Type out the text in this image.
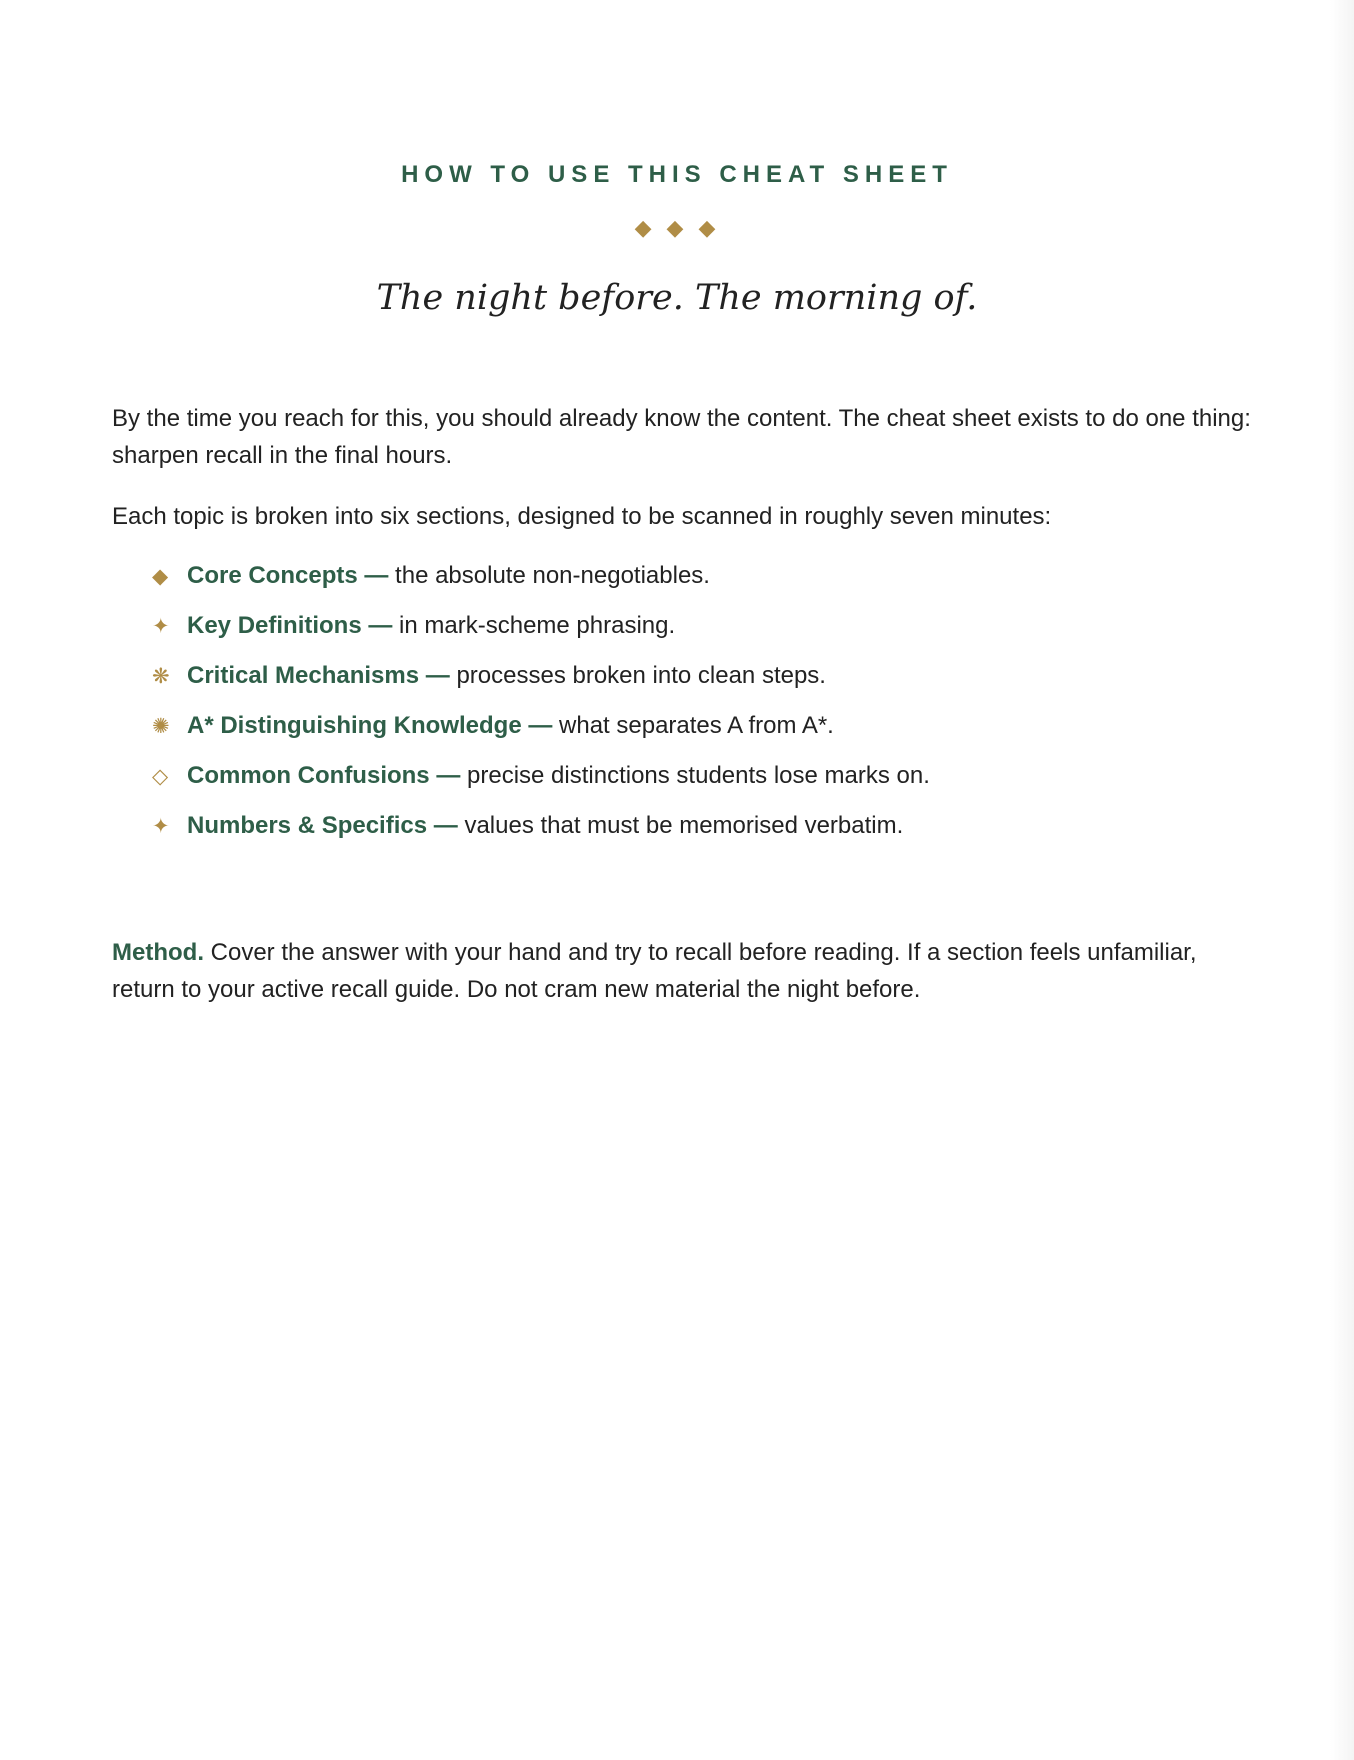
HOW TO USE THIS CHEAT SHEET
◆ ◆ ◆
The night before. The morning of.

By the time you reach for this, you should already know the content. The cheat sheet exists to do one thing: sharpen recall in the final hours.

Each topic is broken into six sections, designed to be scanned in roughly seven minutes:

◆ Core Concepts — the absolute non-negotiables.
✦ Key Definitions — in mark-scheme phrasing.
❋ Critical Mechanisms — processes broken into clean steps.
✺ A* Distinguishing Knowledge — what separates A from A*.
◇ Common Confusions — precise distinctions students lose marks on.
✦ Numbers & Specifics — values that must be memorised verbatim.

Method. Cover the answer with your hand and try to recall before reading. If a section feels unfamiliar, return to your active recall guide. Do not cram new material the night before.
